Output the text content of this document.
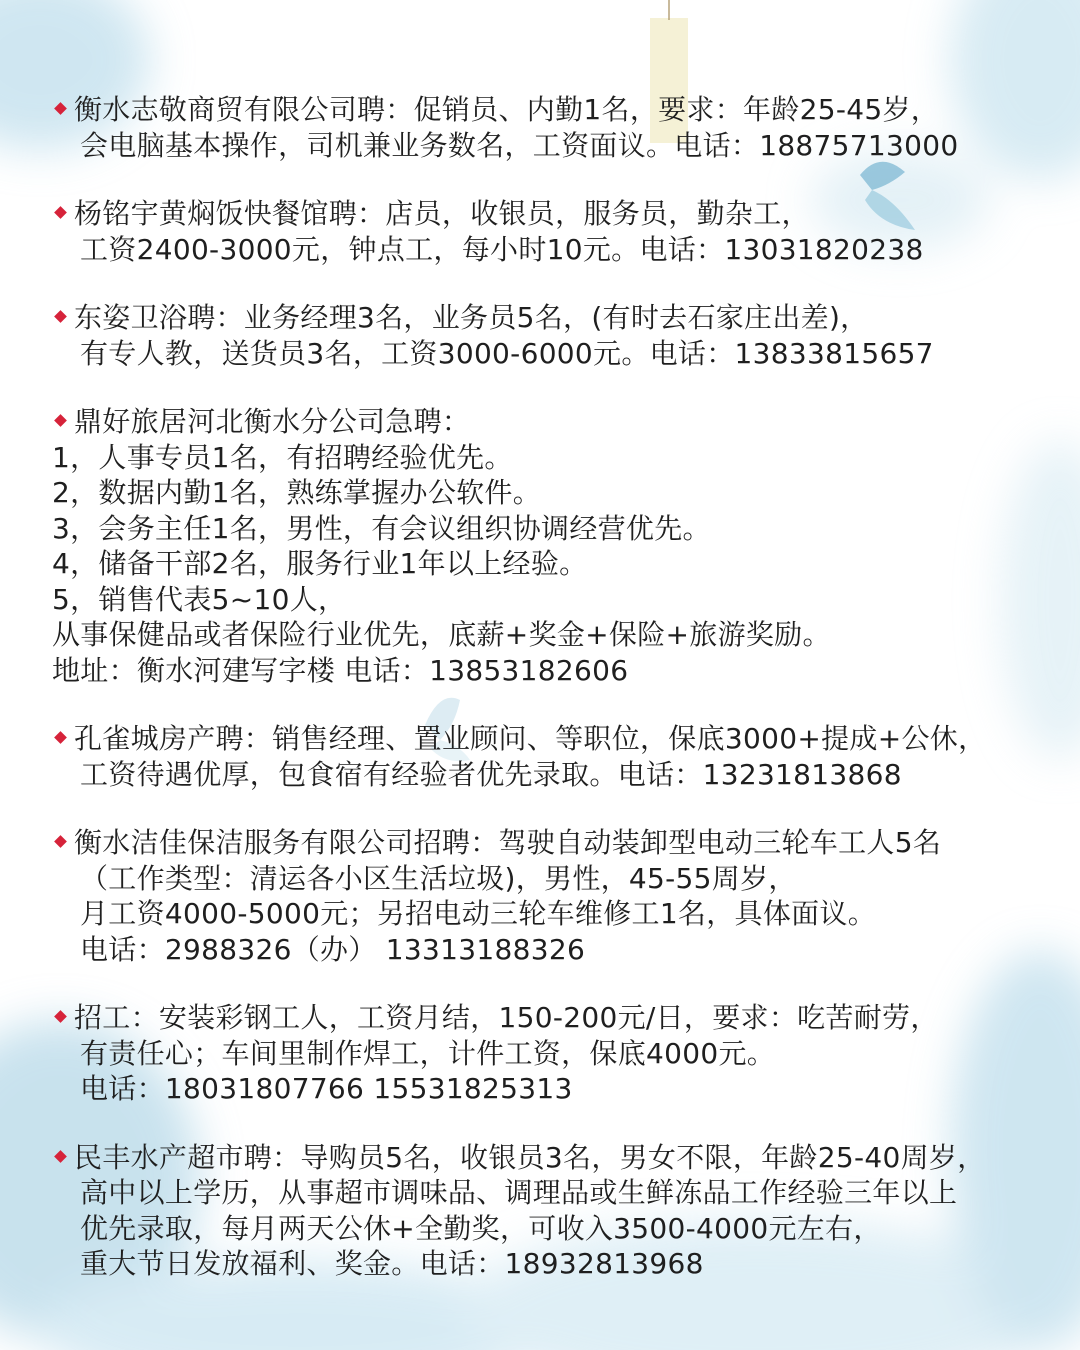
衡水志敬商贸有限公司聘：促销员、内勤1名，要求：年龄25-45岁，
会电脑基本操作，司机兼业务数名，工资面议。电话：18875713000
杨铭宇黄焖饭快餐馆聘：店员，收银员，服务员，勤杂工，
工资2400-3000元，钟点工，每小时10元。电话：13031820238
东姿卫浴聘：业务经理3名，业务员5名，(有时去石家庄出差)，
有专人教，送货员3名，工资3000-6000元。电话：13833815657
鼎好旅居河北衡水分公司急聘：
1，人事专员1名，有招聘经验优先。
2，数据内勤1名，熟练掌握办公软件。
3，会务主任1名，男性，有会议组织协调经营优先。
4，储备干部2名，服务行业1年以上经验。
5，销售代表5~10人，
从事保健品或者保险行业优先，底薪+奖金+保险+旅游奖励。
地址：衡水河建写字楼 电话：13853182606
孔雀城房产聘：销售经理、置业顾问、等职位，保底3000+提成+公休，
工资待遇优厚，包食宿有经验者优先录取。电话：13231813868
衡水洁佳保洁服务有限公司招聘：驾驶自动装卸型电动三轮车工人5名
（工作类型：清运各小区生活垃圾)，男性，45-55周岁，
月工资4000-5000元；另招电动三轮车维修工1名，具体面议。
电话：2988326（办） 13313188326
招工：安装彩钢工人，工资月结，150-200元/日，要求：吃苦耐劳，
有责任心；车间里制作焊工，计件工资，保底4000元。
电话：18031807766 15531825313
民丰水产超市聘：导购员5名，收银员3名，男女不限，年龄25-40周岁，
高中以上学历，从事超市调味品、调理品或生鲜冻品工作经验三年以上
优先录取，每月两天公休+全勤奖，可收入3500-4000元左右，
重大节日发放福利、奖金。电话：18932813968
